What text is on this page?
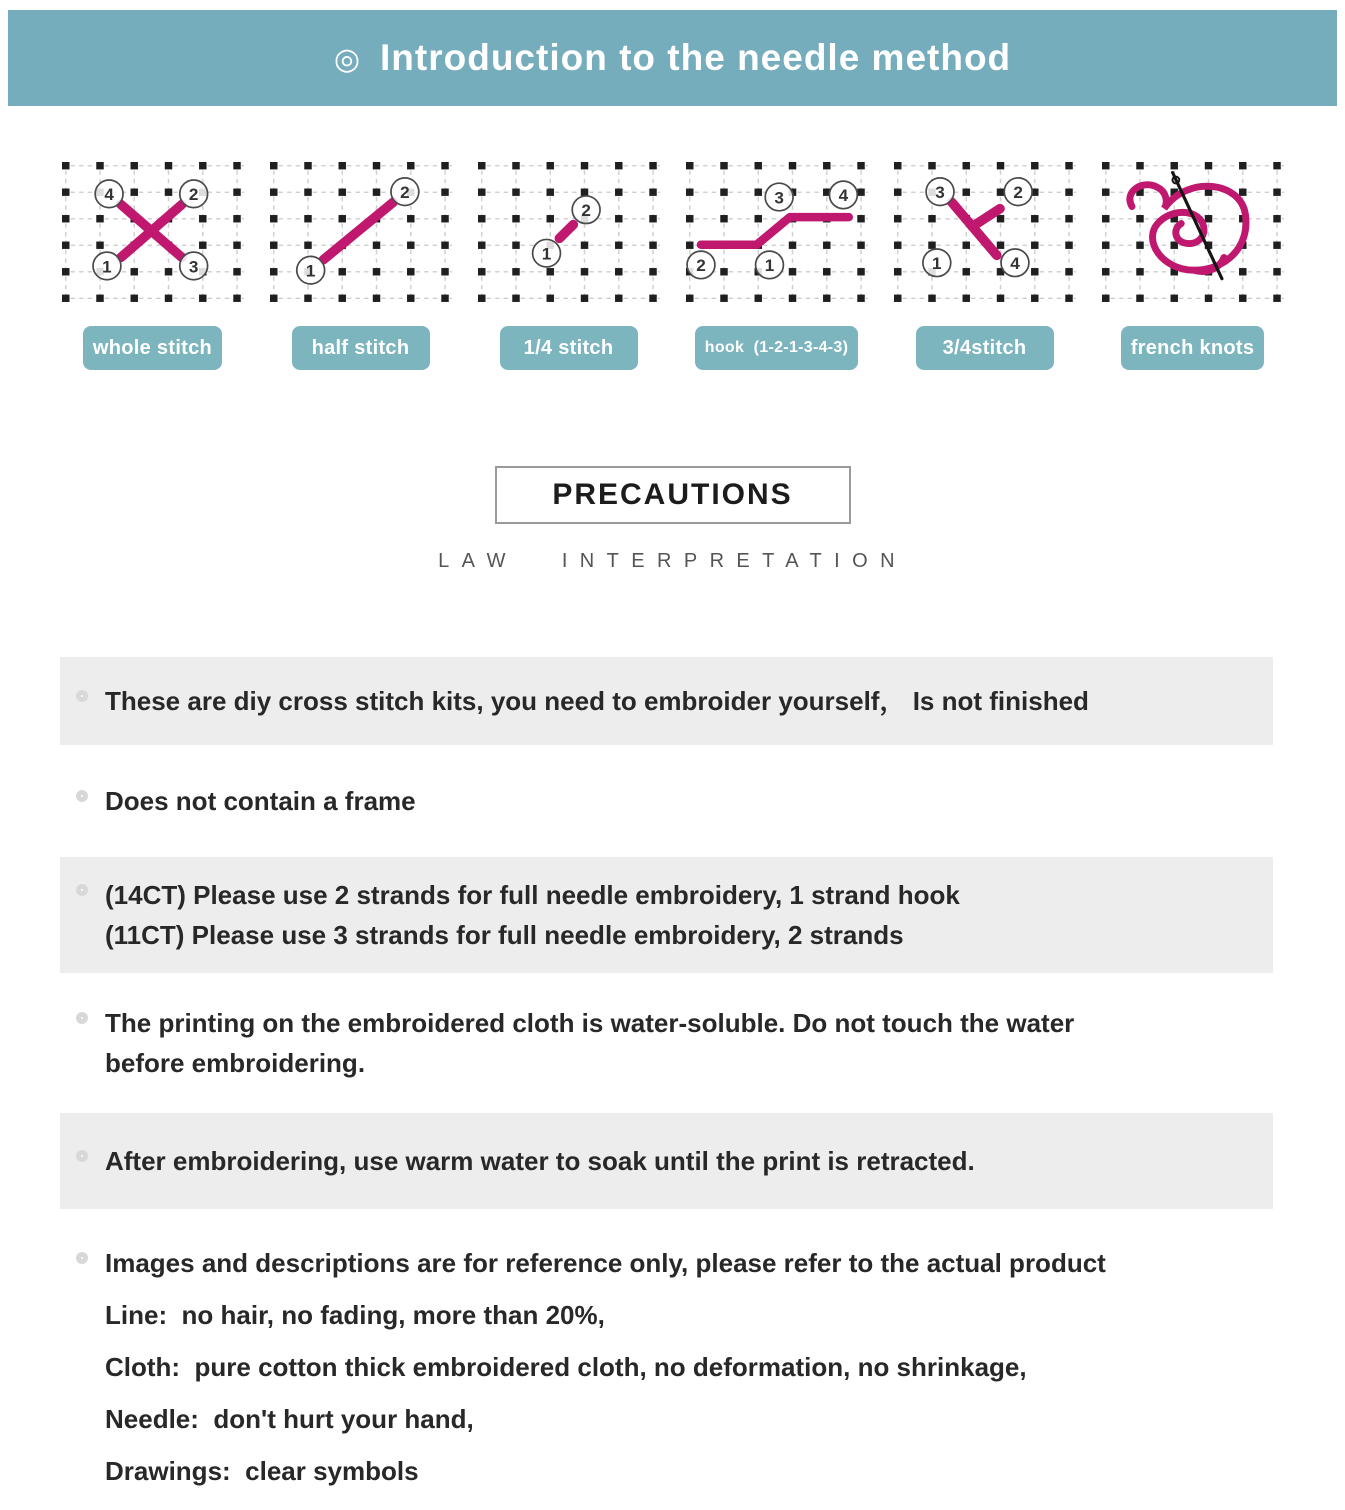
◎ Introduction to the needle method
4	2
1	3
whole stitch
1
2
half stitch
1
2
1/4 stitch
2	1
3	4
hook  (1-2-1-3-4-3)
3	2
1	4
3/4stitch	french knots
PRECAUTIONS
LAW INTERPRETATION
These are diy cross stitch kits, you need to embroider yourself， Is not finished
Does not contain a frame
(14CT) Please use 2 strands for full needle embroidery, 1 strand hook
(11CT) Please use 3 strands for full needle embroidery, 2 strands
The printing on the embroidered cloth is water-soluble. Do not touch the water
before embroidering.
After embroidering, use warm water to soak until the print is retracted.
Images and descriptions are for reference only, please refer to the actual product
Line:  no hair, no fading, more than 20%,
Cloth:  pure cotton thick embroidered cloth, no deformation, no shrinkage,
Needle:  don't hurt your hand,
Drawings:  clear symbols
